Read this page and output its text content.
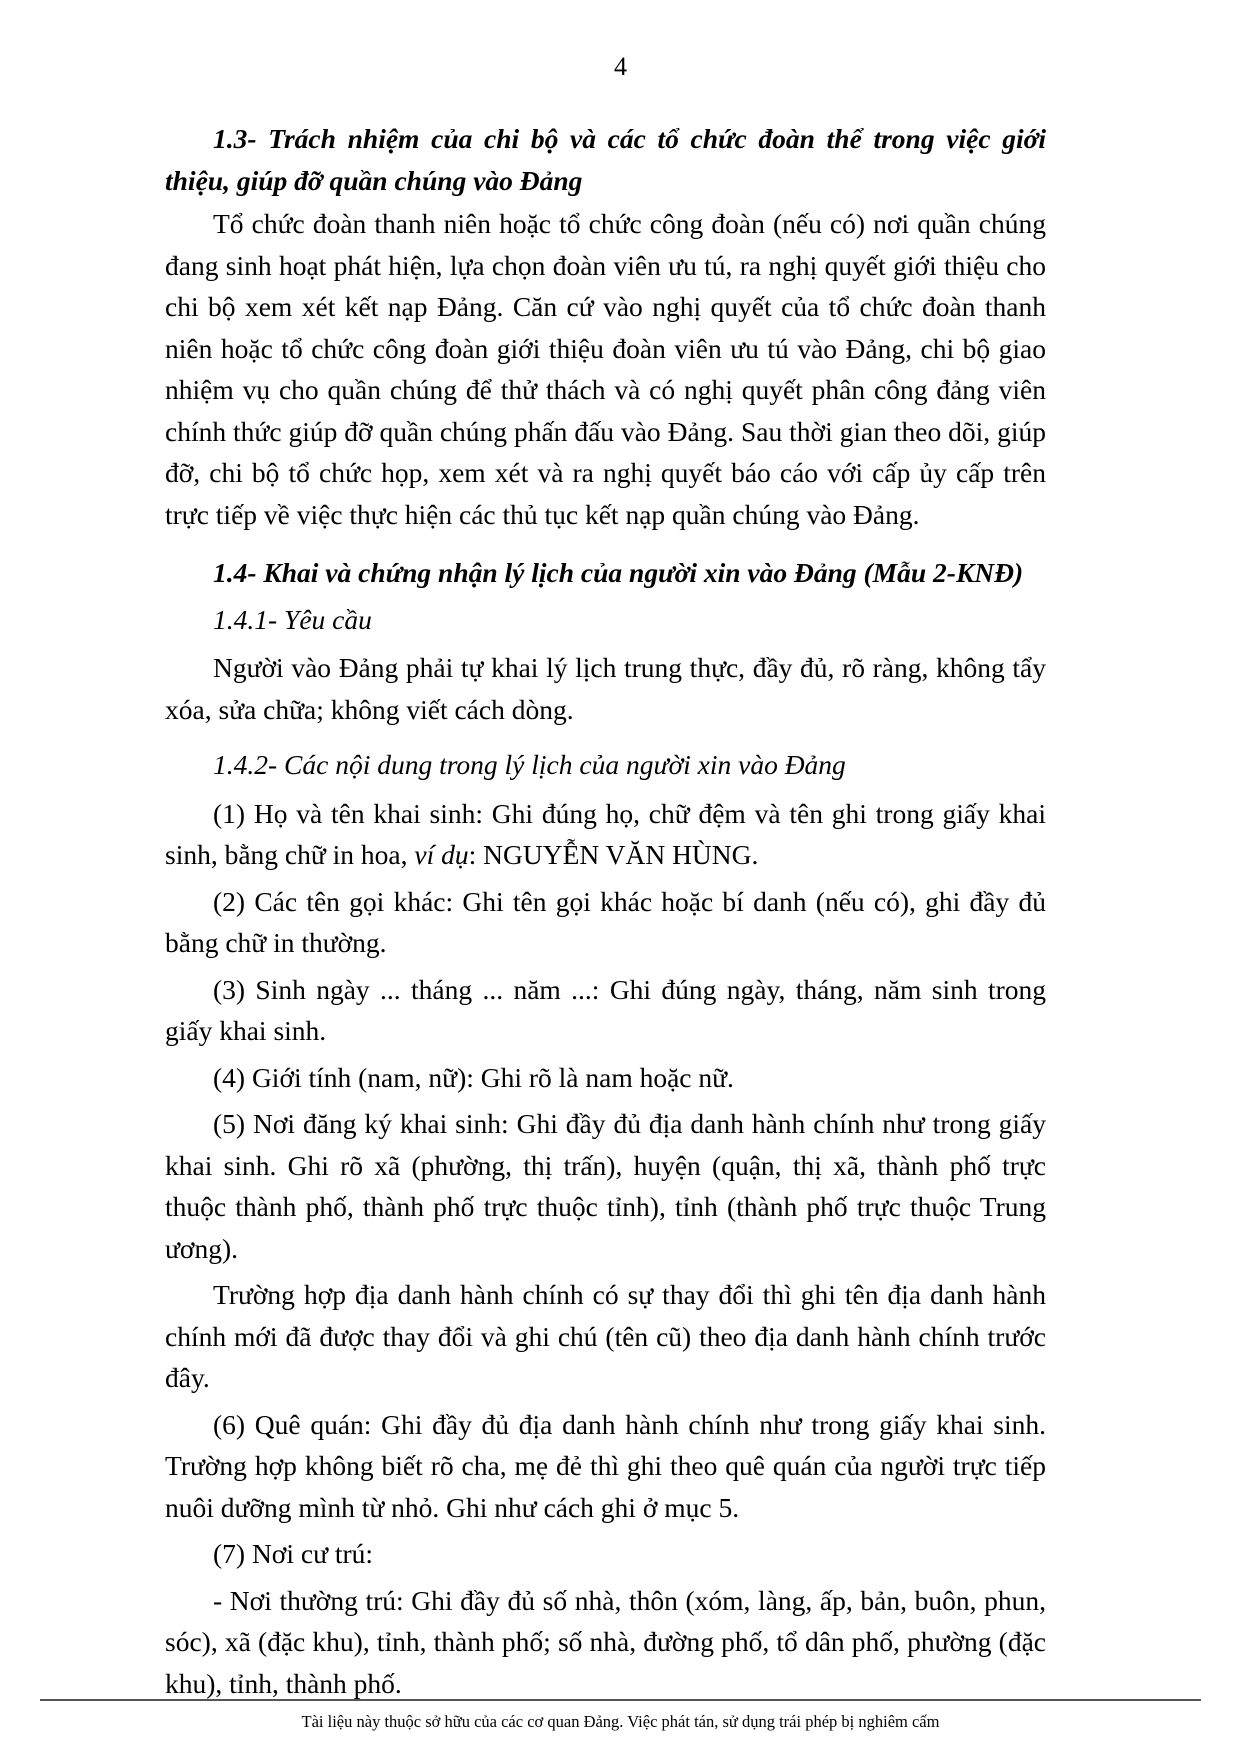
4
1.3- Trách nhiệm của chi bộ và các tổ chức đoàn thể trong việc giới thiệu, giúp đỡ quần chúng vào Đảng

Tổ chức đoàn thanh niên hoặc tổ chức công đoàn (nếu có) nơi quần chúng đang sinh hoạt phát hiện, lựa chọn đoàn viên ưu tú, ra nghị quyết giới thiệu cho chi bộ xem xét kết nạp Đảng. Căn cứ vào nghị quyết của tổ chức đoàn thanh niên hoặc tổ chức công đoàn giới thiệu đoàn viên ưu tú vào Đảng, chi bộ giao nhiệm vụ cho quần chúng để thử thách và có nghị quyết phân công đảng viên chính thức giúp đỡ quần chúng phấn đấu vào Đảng. Sau thời gian theo dõi, giúp đỡ, chi bộ tổ chức họp, xem xét và ra nghị quyết báo cáo với cấp ủy cấp trên trực tiếp về việc thực hiện các thủ tục kết nạp quần chúng vào Đảng.

1.4- Khai và chứng nhận lý lịch của người xin vào Đảng (Mẫu 2-KNĐ)
1.4.1- Yêu cầu

Người vào Đảng phải tự khai lý lịch trung thực, đầy đủ, rõ ràng, không tẩy xóa, sửa chữa; không viết cách dòng.

1.4.2- Các nội dung trong lý lịch của người xin vào Đảng

(1) Họ và tên khai sinh: Ghi đúng họ, chữ đệm và tên ghi trong giấy khai sinh, bằng chữ in hoa, ví dụ: NGUYỄN VĂN HÙNG.

(2) Các tên gọi khác: Ghi tên gọi khác hoặc bí danh (nếu có), ghi đầy đủ bằng chữ in thường.

(3) Sinh ngày ... tháng ... năm ...: Ghi đúng ngày, tháng, năm sinh trong giấy khai sinh.

(4) Giới tính (nam, nữ): Ghi rõ là nam hoặc nữ.

(5) Nơi đăng ký khai sinh: Ghi đầy đủ địa danh hành chính như trong giấy khai sinh. Ghi rõ xã (phường, thị trấn), huyện (quận, thị xã, thành phố trực thuộc thành phố, thành phố trực thuộc tỉnh), tỉnh (thành phố trực thuộc Trung ương).

Trường hợp địa danh hành chính có sự thay đổi thì ghi tên địa danh hành chính mới đã được thay đổi và ghi chú (tên cũ) theo địa danh hành chính trước đây.

(6) Quê quán: Ghi đầy đủ địa danh hành chính như trong giấy khai sinh. Trường hợp không biết rõ cha, mẹ đẻ thì ghi theo quê quán của người trực tiếp nuôi dưỡng mình từ nhỏ. Ghi như cách ghi ở mục 5.

(7) Nơi cư trú:

- Nơi thường trú: Ghi đầy đủ số nhà, thôn (xóm, làng, ấp, bản, buôn, phun, sóc), xã (đặc khu), tỉnh, thành phố; số nhà, đường phố, tổ dân phố, phường (đặc khu), tỉnh, thành phố.

Tài liệu này thuộc sở hữu của các cơ quan Đảng. Việc phát tán, sử dụng trái phép bị nghiêm cấm
